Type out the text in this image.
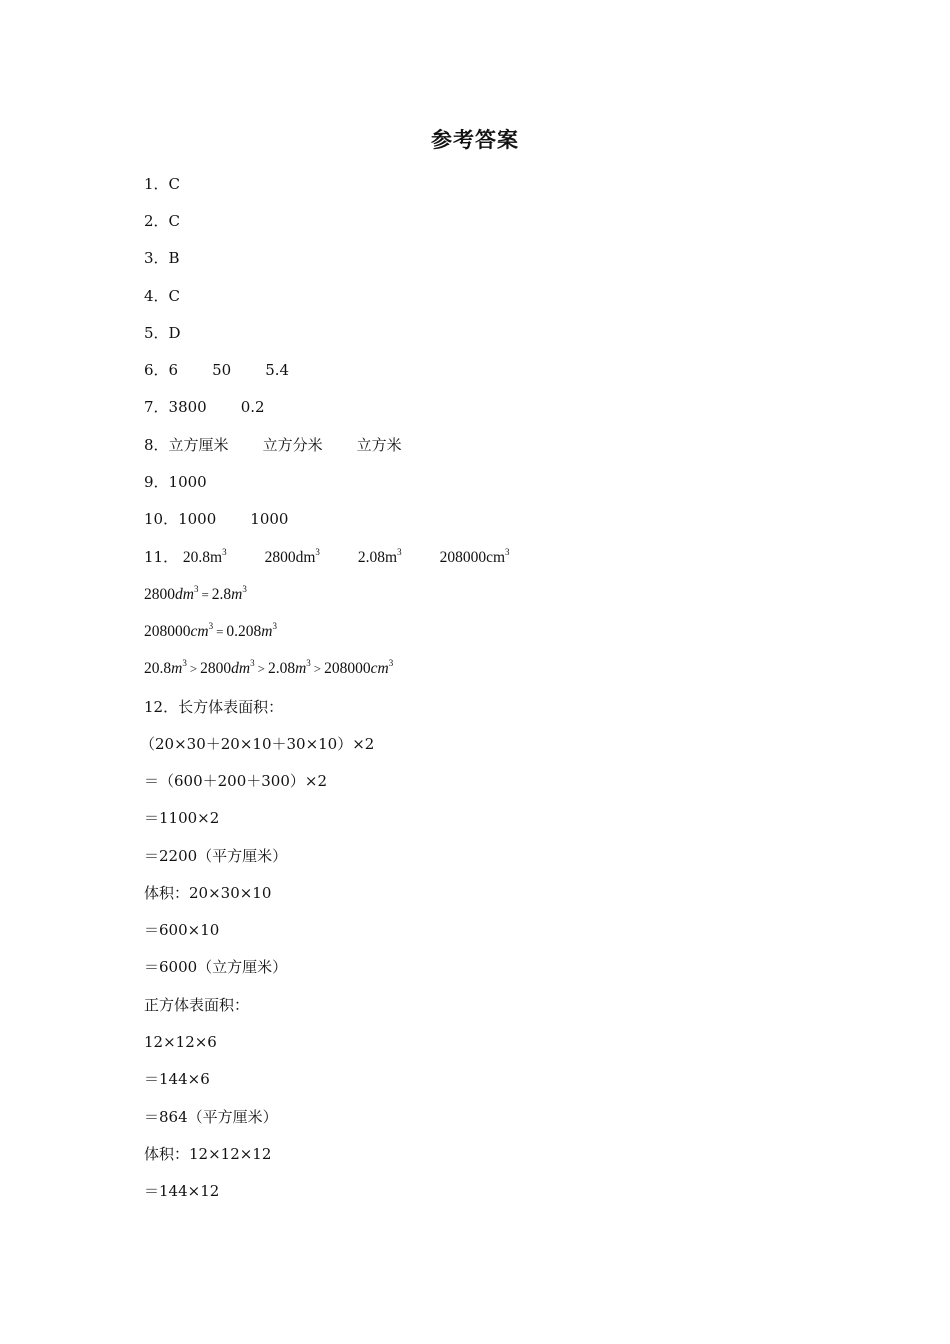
参考答案
1．C
2．C
3．B
4．C
5．D
6．6 50 5.4
7．3800 0.2
8．立方厘米 立方分米 立方米
9．1000
10．1000 1000
11． $20.8m^3$ $2800dm^3$ $2.08m^3$ $208000cm^3$
$2800dm^3 = 2.8m^3$
$208000cm^3 = 0.208m^3$
$20.8m^3 > 2800dm^3 > 2.08m^3 > 208000cm^3$
12．长方体表面积：
（20×30＋20×10＋30×10）×2
＝（600＋200＋300）×2
＝1100×2
＝2200（平方厘米）
体积：20×30×10
＝600×10
＝6000（立方厘米）
正方体表面积：
12×12×6
＝144×6
＝864（平方厘米）
体积：12×12×12
＝144×12
